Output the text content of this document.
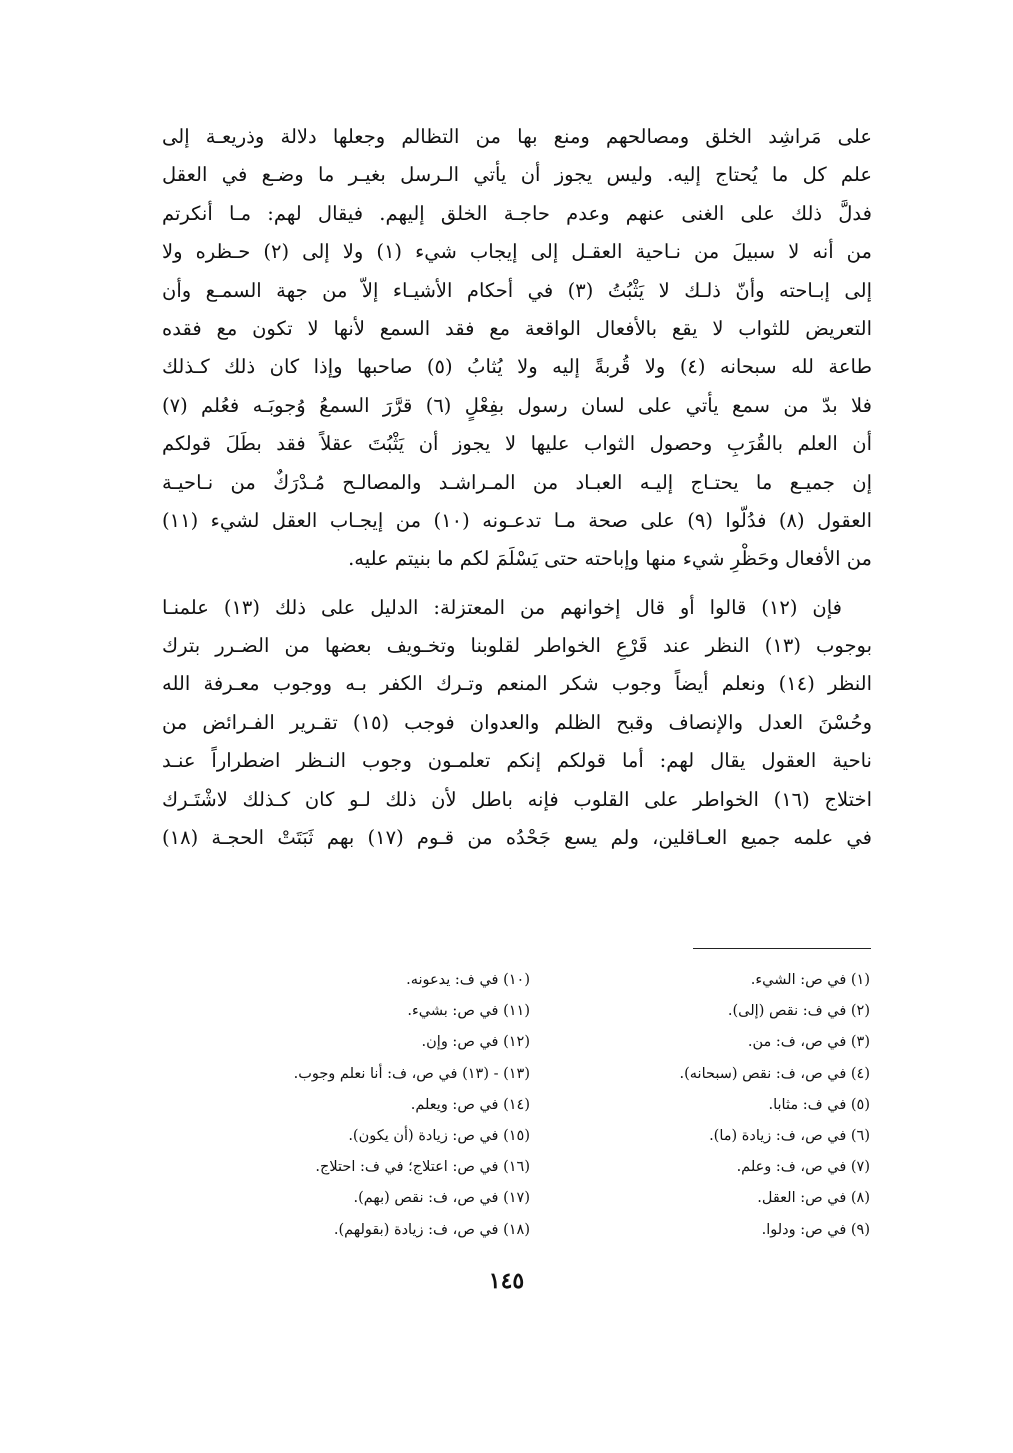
على مَراشِد الخلق ومصالحهم ومنع بها من التظالم وجعلها دلالة وذريعـة إلى
علم كل ما يُحتاج إليه. وليس يجوز أن يأتي الـرسل بغيـر ما وضـع في العقل
فدلَّ ذلك على الغنى عنهم وعدم حاجـة الخلق إليهم. فيقال لهم: مـا أنكرتم
من أنه لا سبيلَ من نـاحية العقـل إلى إيجاب شيء (١) ولا إلى (٢) حـظره ولا
إلى إبـاحته وأنّ ذلـك لا يَثْبُتُ (٣) في أحكام الأشيـاء إلاّ من جهة السمـع وأن
التعريض للثواب لا يقع بالأفعال الواقعة مع فقد السمع لأنها لا تكون مع فقده
طاعة لله سبحانه (٤) ولا قُربةً إليه ولا يُثابُ (٥) صاحبها وإذا كان ذلك كـذلك
فلا بدّ من سمع يأتي على لسان رسول بفِعْلٍ (٦) قرَّرَ السمعُ وُجوبَـه فعُلم (٧)
أن العلم بالقُرَبِ وحصول الثواب عليها لا يجوز أن يَثْبُتَ عقلاً فقد بطَلَ قولكم
إن جميـع ما يحتـاج إليـه العبـاد من المـراشـد والمصالـح مُـدْرَكٌ من نـاحيـة
العقول (٨) فدُلّوا (٩) على صحة مـا تدعـونه (١٠) من إيجـاب العقل لشيء (١١)
من الأفعال وحَظْرِ شيء منها وإباحته حتى يَسْلَمَ لكم ما بنيتم عليه.
فإن (١٢) قالوا أو قال إخوانهم من المعتزلة: الدليل على ذلك (١٣) علمنـا
بوجوب (١٣) النظر عند قَرْعِ الخواطر لقلوبنا وتخـويف بعضها من الضـرر بترك
النظر (١٤) ونعلم أيضاً وجوب شكر المنعم وتـرك الكفر بـه ووجوب معـرفة الله
وحُسْنَ العدل والإنصاف وقبح الظلم والعدوان فوجب (١٥) تقـرير الفـرائض من
ناحية العقول يقال لهم: أما قولكم إنكم تعلمـون وجوب النـظر اضطراراً عنـد
اختلاج (١٦) الخواطر على القلوب فإنه باطل لأن ذلك لـو كان كـذلك لاشْتَـرك
في علمه جميع العـاقلين، ولم يسع جَحْدُه من قـوم (١٧) بهم ثَبَتَتْ الحجـة (١٨)
(١) في ص: الشيء.
(٢) في ف: نقص (إلى).
(٣) في ص، ف: من.
(٤) في ص، ف: نقص (سبحانه).
(٥) في ف: مثابا.
(٦) في ص، ف: زيادة (ما).
(٧) في ص، ف: وعلم.
(٨) في ص: العقل.
(٩) في ص: ودلوا.
(١٠) في ف: يدعونه.
(١١) في ص: بشيء.
(١٢) في ص: وإن.
(١٣) - (١٣) في ص، ف: أنا نعلم وجوب.
(١٤) في ص: ويعلم.
(١٥) في ص: زيادة (أن يكون).
(١٦) في ص: اعتلاج؛ في ف: احتلاج.
(١٧) في ص، ف: نقص (بهم).
(١٨) في ص، ف: زيادة (بقولهم).
١٤٥
